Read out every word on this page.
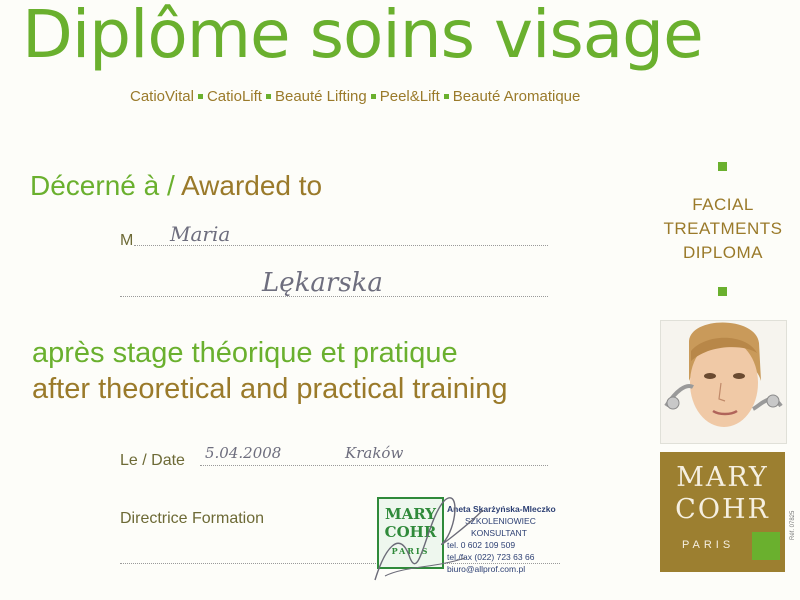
Diplôme soins visage
CatioVital CatioLift Beauté Lifting Peel&Lift Beauté Aromatique
Décerné à / Awarded to
M Maria
Lękarska
après stage théorique et pratique
after theoretical and practical training
Le / Date 5.04.2008	Kraków
Directrice Formation	MARY
COHR
PARIS
Aneta Skarżyńska-Mleczko
SZKOLENIOWIEC
KONSULTANT
tel. 0 602 109 509
tel./fax (022) 723 63 66
biuro@allprof.com.pl
FACIAL
TREATMENTS
DIPLOMA
MARY
COHR
PARIS
Réf. 07825
